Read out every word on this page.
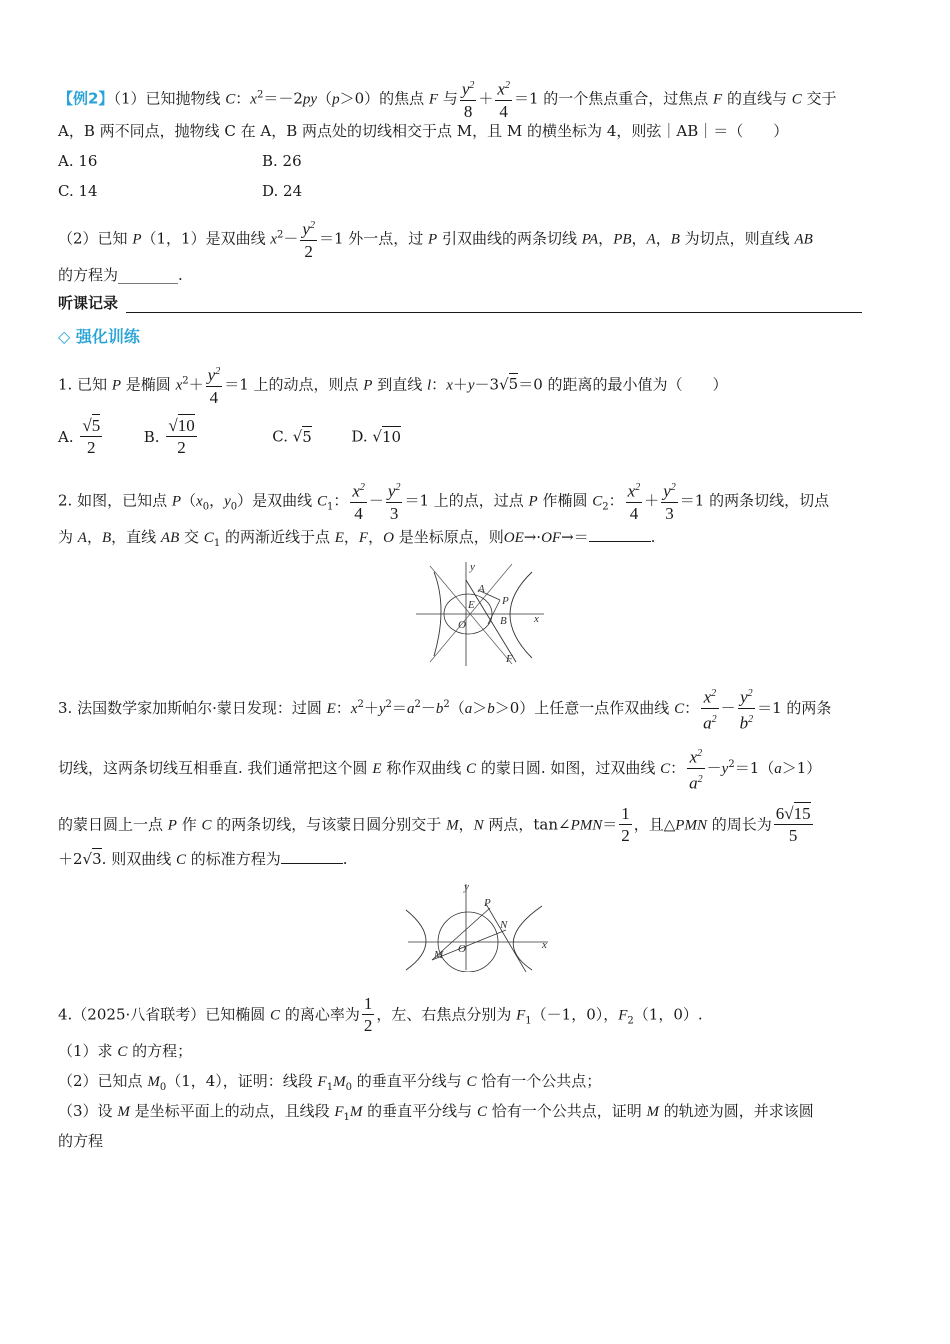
【例2】（1）已知抛物线 C：$x^2=-2py(p>0)$的焦点 F 与 $\frac{y^2}{8} + \frac{x^2}{4} =1$ 的一个焦点重合，过焦点 F 的直线与 C 交于
A，B 两不同点，抛物线 C 在 A，B 两点处的切线相交于点 M，且 M 的横坐标为 4，则弦｜AB｜＝（　　）
A. 16	B. 26
C. 14	D. 24
（2）已知 P（1，1）是双曲线 $x^2- \frac{y^2}{2} =1$ 外一点，过 P 引双曲线的两条切线 PA，PB，A，B 为切点，则直线 AB
的方程为________.
听课记录
◇ 强化训练
1. 已知 P 是椭圆 $x^2+ \frac{y^2}{4} =1$ 上的动点，则点 P 到直线 l：x＋y－3√5＝0 的距离的最小值为（　　）
A. $\frac{√5}{2}$	B. $\frac{√10}{2}$	C. √5	D. √10
2. 如图，已知点 $P(x_0$，$y_0$）是双曲线 $C_1$： $\frac{x^2}{4} - \frac{y^2}{3} =1$ 上的点，过点 P 作椭圆 $C_2$： $\frac{x^2}{4} + \frac{y^2}{3} =1$ 的两条切线，切点
为 A，B，直线 AB 交 $C_1$ 的两渐近线于点 E，F，O 是坐标原点，则OE→·OF→＝	.
y
A
P
E
x
O	B
F
3. 法国数学家加斯帕尔·蒙日发现：过圆 E：$x^2+y^2=a^2-b^2(a>b>0)$上任意一点作双曲线 C： $\frac{x^2}{a^2} - \frac{y^2}{b^2} =1$ 的两条
切线，这两条切线互相垂直. 我们通常把这个圆 E 称作双曲线 C 的蒙日圆. 如图，过双曲线 C： $\frac{x^2}{a^2} -y^2=1(a>1)$
的蒙日圆上一点 P 作 C 的两条切线，与该蒙日圆分别交于 M，N 两点，tan∠PMN＝ $\frac{1}{2}$ ，且△PMN 的周长为 $\frac{6√15}{5}$
＋2√3. 则双曲线 C 的标准方程为	.
y
P
N
O	x
M
4.（2025·八省联考）已知椭圆 C 的离心率为 $\frac{1}{2}$ ，左、右焦点分别为 $F_1(-1$，0），$F_2(1$，0）.
（1）求 C 的方程；
（2）已知点 $M_0(1$，4），证明：线段 $F_1M_0$ 的垂直平分线与 C 恰有一个公共点；
（3）设 M 是坐标平面上的动点，且线段 $F_1M$ 的垂直平分线与 C 恰有一个公共点，证明 M 的轨迹为圆，并求该圆
的方程
